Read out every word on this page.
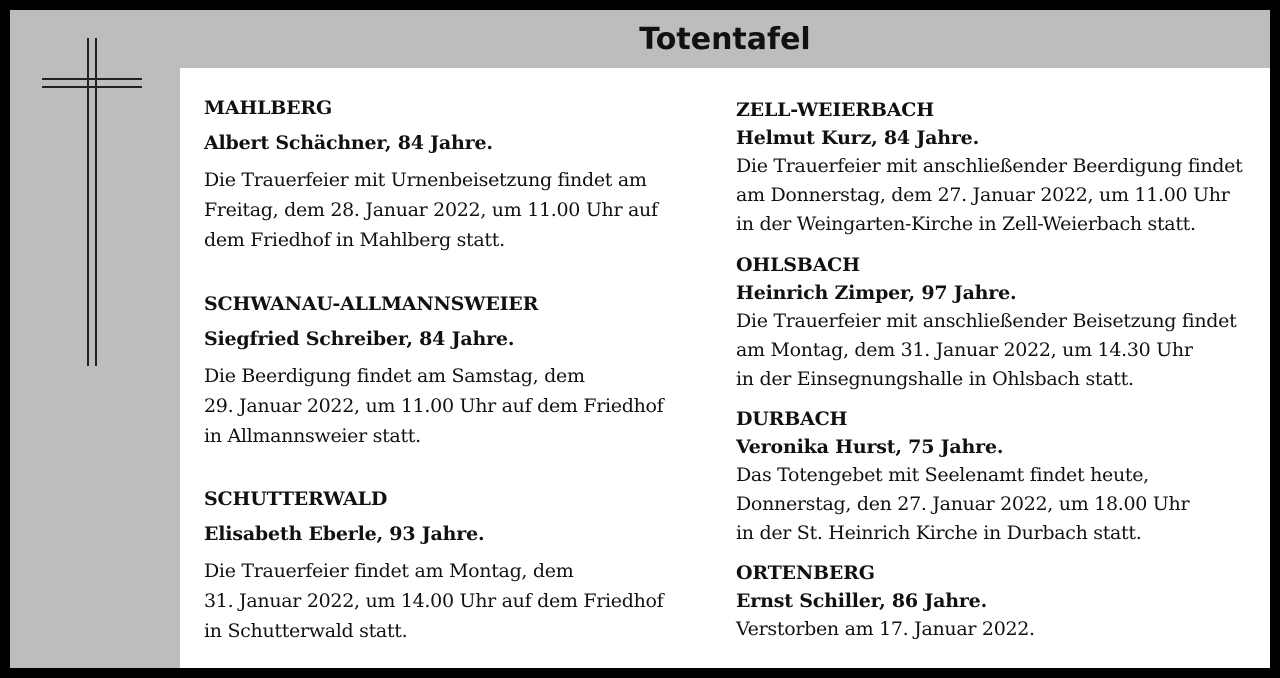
Totentafel
MAHLBERG
Albert Schächner, 84 Jahre.
Die Trauerfeier mit Urnenbeisetzung findet am
Freitag, dem 28. Januar 2022, um 11.00 Uhr auf
dem Friedhof in Mahlberg statt.
SCHWANAU-ALLMANNSWEIER
Siegfried Schreiber, 84 Jahre.
Die Beerdigung findet am Samstag, dem
29. Januar 2022, um 11.00 Uhr auf dem Friedhof
in Allmannsweier statt.
SCHUTTERWALD
Elisabeth Eberle, 93 Jahre.
Die Trauerfeier findet am Montag, dem
31. Januar 2022, um 14.00 Uhr auf dem Friedhof
in Schutterwald statt.
ZELL-WEIERBACH
Helmut Kurz, 84 Jahre.
Die Trauerfeier mit anschließender Beerdigung findet
am Donnerstag, dem 27. Januar 2022, um 11.00 Uhr
in der Weingarten-Kirche in Zell-Weierbach statt.
OHLSBACH
Heinrich Zimper, 97 Jahre.
Die Trauerfeier mit anschließender Beisetzung findet
am Montag, dem 31. Januar 2022, um 14.30 Uhr
in der Einsegnungshalle in Ohlsbach statt.
DURBACH
Veronika Hurst, 75 Jahre.
Das Totengebet mit Seelenamt findet heute,
Donnerstag, den 27. Januar 2022, um 18.00 Uhr
in der St. Heinrich Kirche in Durbach statt.
ORTENBERG
Ernst Schiller, 86 Jahre.
Verstorben am 17. Januar 2022.
